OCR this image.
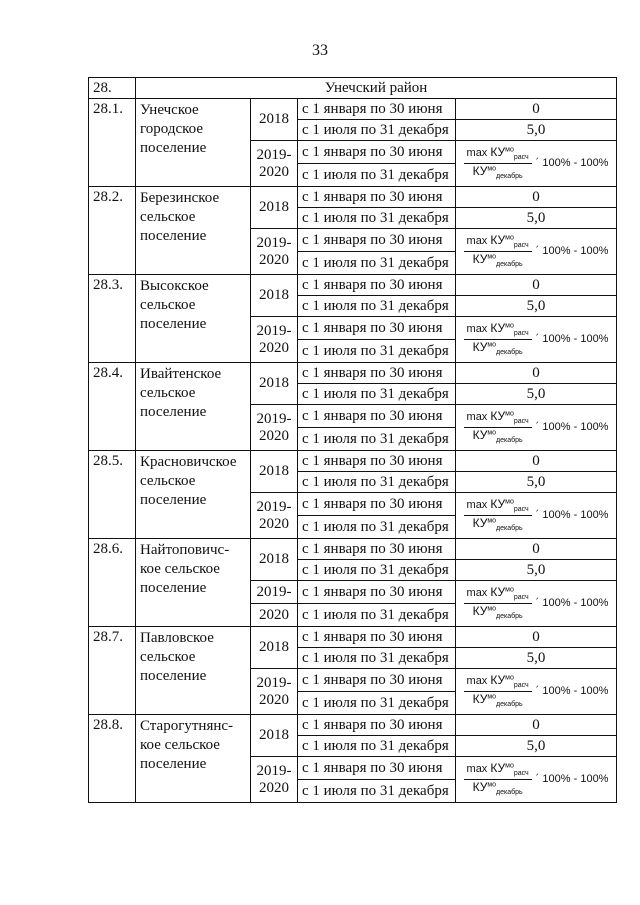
33
28.	Унечский район			
28.1.	Унечское городское поселение	2018	с 1 января по 30 июня	0
			с 1 июля по 31 декабря	5,0
		2019-2020	с 1 января по 30 июня	$\frac{\max КУ^{мо}_{расч}}{КУ^{мо}_{декабрь}}$ ´ 100% - 100%

			с 1 июля по 31 декабря	
28.2.	Березинское сельское поселение	2018	с 1 января по 30 июня	0
			с 1 июля по 31 декабря	5,0
		2019-2020	с 1 января по 30 июня	$\frac{\max КУ^{мо}_{расч}}{КУ^{мо}_{декабрь}}$ ´ 100% - 100%

			с 1 июля по 31 декабря	
28.3.	Высокское сельское поселение	2018	с 1 января по 30 июня	0
			с 1 июля по 31 декабря	5,0
		2019-2020	с 1 января по 30 июня	$\frac{\max КУ^{мо}_{расч}}{КУ^{мо}_{декабрь}}$ ´ 100% - 100%

			с 1 июля по 31 декабря	
28.4.	Ивайтенское сельское поселение	2018	с 1 января по 30 июня	0
			с 1 июля по 31 декабря	5,0
		2019-2020	с 1 января по 30 июня	$\frac{\max КУ^{мо}_{расч}}{КУ^{мо}_{декабрь}}$ ´ 100% - 100%

			с 1 июля по 31 декабря	
28.5.	Красновичское сельское поселение	2018	с 1 января по 30 июня	0
			с 1 июля по 31 декабря	5,0
		2019-2020	с 1 января по 30 июня	$\frac{\max КУ^{мо}_{расч}}{КУ^{мо}_{декабрь}}$ ´ 100% - 100%

			с 1 июля по 31 декабря	
28.6.	Найтоповичс-кое сельское поселение	2018	с 1 января по 30 июня	0
			с 1 июля по 31 декабря	5,0
		2019-	с 1 января по 30 июня	$\frac{\max КУ^{мо}_{расч}}{КУ^{мо}_{декабрь}}$ ´ 100% - 100%

		2020	с 1 июля по 31 декабря	
28.7.	Павловское сельское поселение	2018	с 1 января по 30 июня	0
			с 1 июля по 31 декабря	5,0
		2019-2020	с 1 января по 30 июня	$\frac{\max КУ^{мо}_{расч}}{КУ^{мо}_{декабрь}}$ ´ 100% - 100%

			с 1 июля по 31 декабря	
28.8.	Старогутнянс-кое сельское поселение	2018	с 1 января по 30 июня	0
			с 1 июля по 31 декабря	5,0
		2019-2020	с 1 января по 30 июня	$\frac{\max КУ^{мо}_{расч}}{КУ^{мо}_{декабрь}}$ ´ 100% - 100%

			с 1 июля по 31 декабря	
